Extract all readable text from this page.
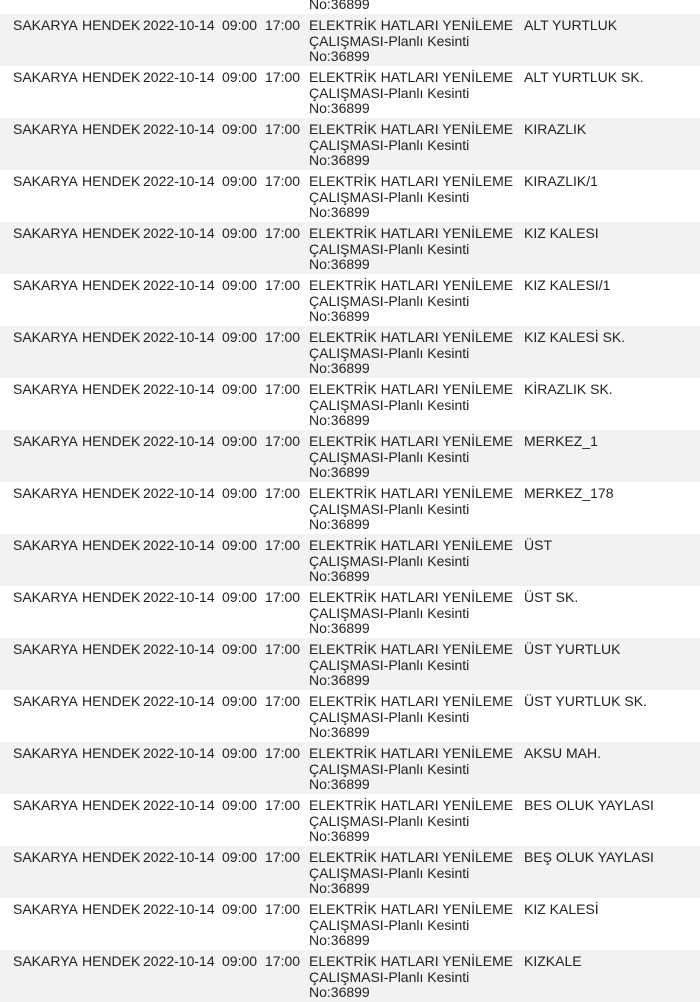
No:36899
SAKARYA HENDEK 2022-10-14 09:00 17:00 ELEKTRİK HATLARI YENİLEME
ÇALIŞMASI-Planlı Kesinti
No:36899
ALT YURTLUK
SAKARYA HENDEK 2022-10-14 09:00 17:00 ELEKTRİK HATLARI YENİLEME
ÇALIŞMASI-Planlı Kesinti
No:36899
ALT YURTLUK SK.
SAKARYA HENDEK 2022-10-14 09:00 17:00 ELEKTRİK HATLARI YENİLEME
ÇALIŞMASI-Planlı Kesinti
No:36899
KIRAZLIK
SAKARYA HENDEK 2022-10-14 09:00 17:00 ELEKTRİK HATLARI YENİLEME
ÇALIŞMASI-Planlı Kesinti
No:36899
KIRAZLIK/1
SAKARYA HENDEK 2022-10-14 09:00 17:00 ELEKTRİK HATLARI YENİLEME
ÇALIŞMASI-Planlı Kesinti
No:36899
KIZ KALESI
SAKARYA HENDEK 2022-10-14 09:00 17:00 ELEKTRİK HATLARI YENİLEME
ÇALIŞMASI-Planlı Kesinti
No:36899
KIZ KALESI/1
SAKARYA HENDEK 2022-10-14 09:00 17:00 ELEKTRİK HATLARI YENİLEME
ÇALIŞMASI-Planlı Kesinti
No:36899
KIZ KALESİ SK.
SAKARYA HENDEK 2022-10-14 09:00 17:00 ELEKTRİK HATLARI YENİLEME
ÇALIŞMASI-Planlı Kesinti
No:36899
KİRAZLIK SK.
SAKARYA HENDEK 2022-10-14 09:00 17:00 ELEKTRİK HATLARI YENİLEME
ÇALIŞMASI-Planlı Kesinti
No:36899
MERKEZ_1
SAKARYA HENDEK 2022-10-14 09:00 17:00 ELEKTRİK HATLARI YENİLEME
ÇALIŞMASI-Planlı Kesinti
No:36899
MERKEZ_178
SAKARYA HENDEK 2022-10-14 09:00 17:00 ELEKTRİK HATLARI YENİLEME
ÇALIŞMASI-Planlı Kesinti
No:36899
ÜST
SAKARYA HENDEK 2022-10-14 09:00 17:00 ELEKTRİK HATLARI YENİLEME
ÇALIŞMASI-Planlı Kesinti
No:36899
ÜST SK.
SAKARYA HENDEK 2022-10-14 09:00 17:00 ELEKTRİK HATLARI YENİLEME
ÇALIŞMASI-Planlı Kesinti
No:36899
ÜST YURTLUK
SAKARYA HENDEK 2022-10-14 09:00 17:00 ELEKTRİK HATLARI YENİLEME
ÇALIŞMASI-Planlı Kesinti
No:36899
ÜST YURTLUK SK.
SAKARYA HENDEK 2022-10-14 09:00 17:00 ELEKTRİK HATLARI YENİLEME
ÇALIŞMASI-Planlı Kesinti
No:36899
AKSU MAH.
SAKARYA HENDEK 2022-10-14 09:00 17:00 ELEKTRİK HATLARI YENİLEME
ÇALIŞMASI-Planlı Kesinti
No:36899
BES OLUK YAYLASI
SAKARYA HENDEK 2022-10-14 09:00 17:00 ELEKTRİK HATLARI YENİLEME
ÇALIŞMASI-Planlı Kesinti
No:36899
BEŞ OLUK YAYLASI
SAKARYA HENDEK 2022-10-14 09:00 17:00 ELEKTRİK HATLARI YENİLEME
ÇALIŞMASI-Planlı Kesinti
No:36899
KIZ KALESİ
SAKARYA HENDEK 2022-10-14 09:00 17:00 ELEKTRİK HATLARI YENİLEME
ÇALIŞMASI-Planlı Kesinti
No:36899
KIZKALE
